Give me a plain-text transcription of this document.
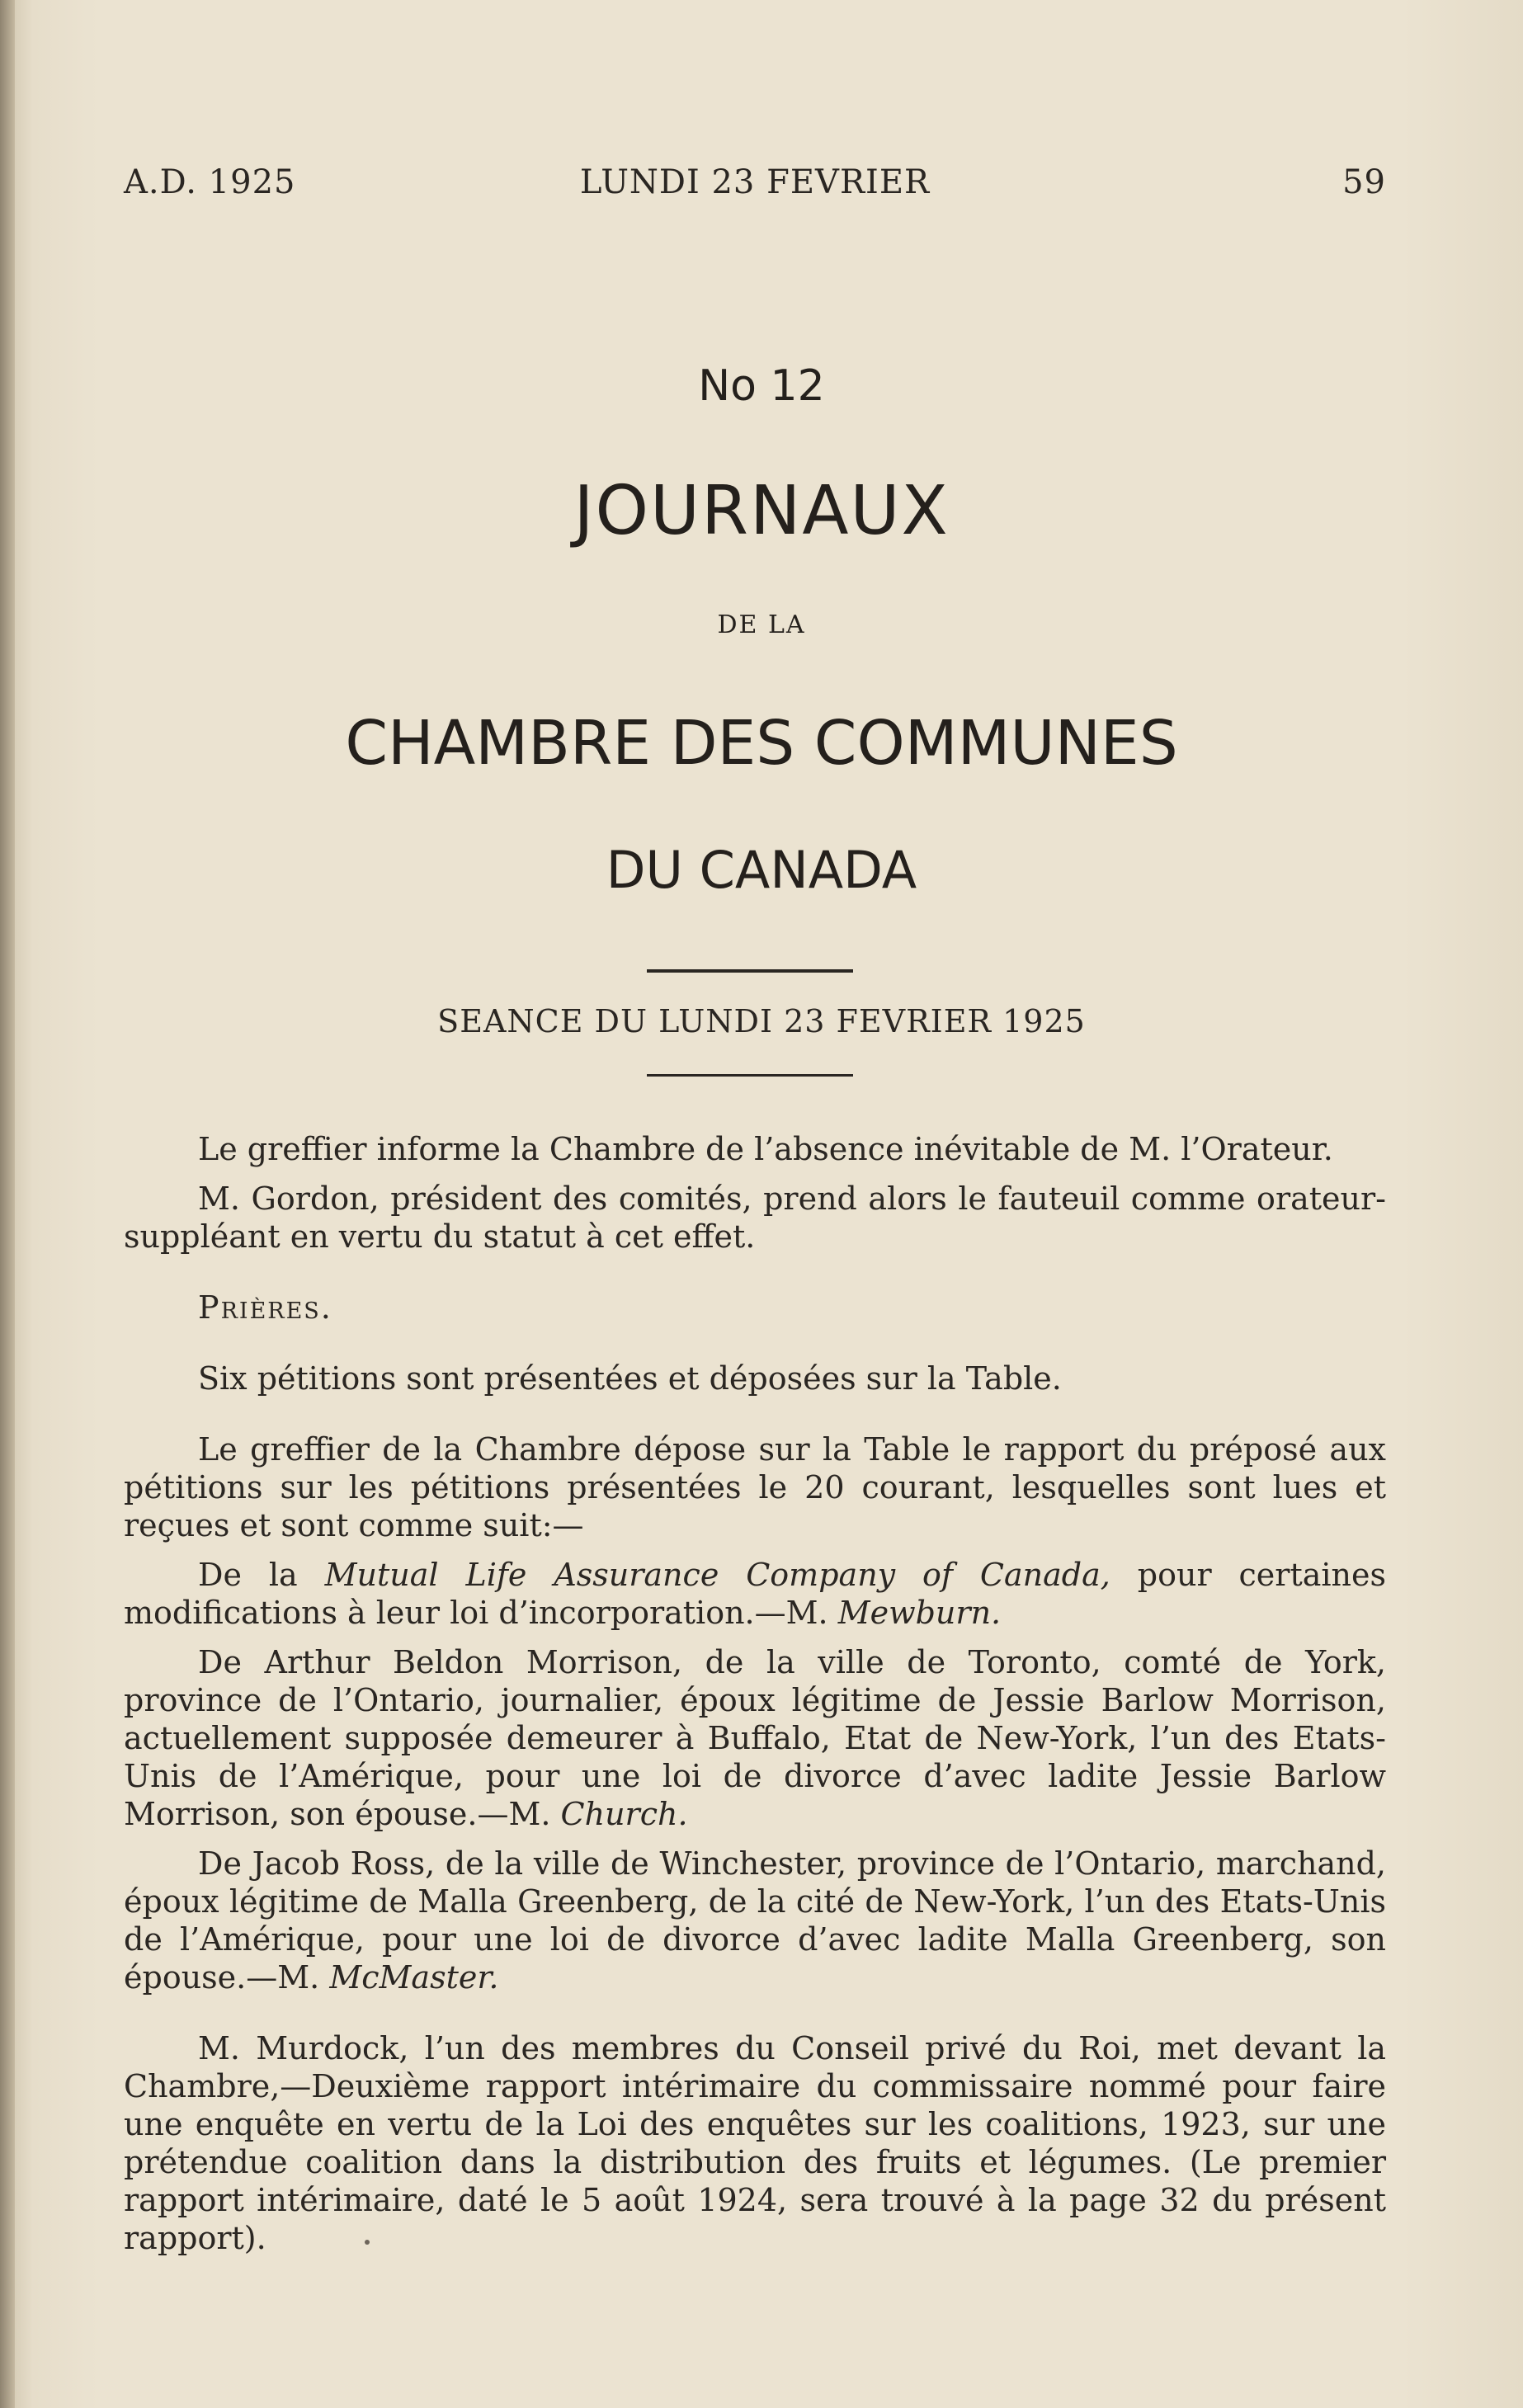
A.D. 1925	LUNDI 23 FEVRIER	59
No 12
JOURNAUX
DE LA
CHAMBRE DES COMMUNES
DU CANADA
SEANCE DU LUNDI 23 FEVRIER 1925

Le greffier informe la Chambre de l’absence inévitable de M. l’Orateur.

M. Gordon, président des comités, prend alors le fauteuil comme orateur-suppléant en vertu du statut à cet effet.

Prières.

Six pétitions sont présentées et déposées sur la Table.

Le greffier de la Chambre dépose sur la Table le rapport du préposé aux pétitions sur les pétitions présentées le 20 courant, lesquelles sont lues et reçues et sont comme suit:—

De la Mutual Life Assurance Company of Canada, pour certaines modifications à leur loi d’incorporation.—M. Mewburn.

De Arthur Beldon Morrison, de la ville de Toronto, comté de York, province de l’Ontario, journalier, époux légitime de Jessie Barlow Morrison, actuellement supposée demeurer à Buffalo, Etat de New-York, l’un des Etats-Unis de l’Amérique, pour une loi de divorce d’avec ladite Jessie Barlow Morrison, son épouse.—M. Church.

De Jacob Ross, de la ville de Winchester, province de l’Ontario, marchand, époux légitime de Malla Greenberg, de la cité de New-York, l’un des Etats-Unis de l’Amérique, pour une loi de divorce d’avec ladite Malla Greenberg, son épouse.—M. McMaster.

M. Murdock, l’un des membres du Conseil privé du Roi, met devant la Chambre,—Deuxième rapport intérimaire du commissaire nommé pour faire une enquête en vertu de la Loi des enquêtes sur les coalitions, 1923, sur une prétendue coalition dans la distribution des fruits et légumes. (Le premier rapport intérimaire, daté le 5 août 1924, sera trouvé à la page 32 du présent rapport).
